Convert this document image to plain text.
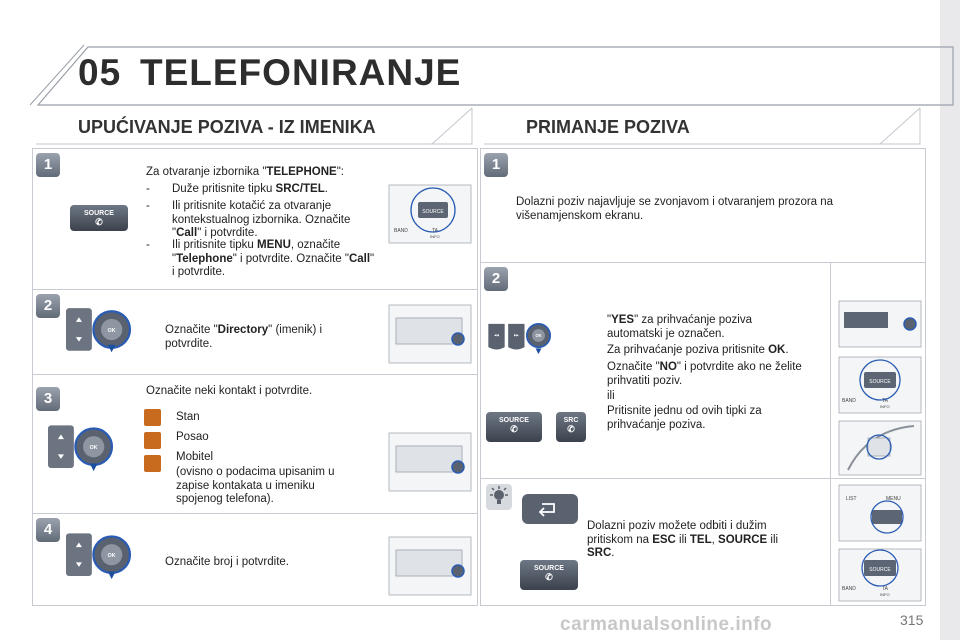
05 TELEFONIRANJE
UPUĆIVANJE POZIVA - IZ IMENIKA
1
SOURCE ✆
Za otvaranje izbornika "TELEPHONE":
- Duže pritisnite tipku SRC/TEL.
- Ili pritisnite kotačić za otvaranje kontekstualnog izbornika. Označite "Call" i potvrdite.
- Ili pritisnite tipku MENU, označite "Telephone" i potvrdite. Označite "Call" i potvrdite.
SOURCE
BAND	TA
INFO
2
OK	Označite "Directory" (imenik) i potvrdite.
3	Označite neki kontakt i potvrdite.
OK
Stan
Posao
Mobitel
(ovisno o podacima upisanim u zapise kontakata u imeniku spojenog telefona).
4
OK	Označite broj i potvrdite.
PRIMANJE POZIVA
1
Dolazni poziv najavljuje se zvonjavom i otvaranjem prozora na višenamjenskom ekranu.
2
◂◂ ▸▸ OK
SOURCE ✆	SRC ✆
"YES" za prihvaćanje poziva automatski je označen.
Za prihvaćanje poziva pritisnite OK.
Označite "NO" i potvrdite ako ne želite prihvatiti poziv.
ili
Pritisnite jednu od ovih tipki za prihvaćanje poziva.
SOURCE
BAND	TA
INFO
SOURCE ✆
Dolazni poziv možete odbiti i dužim pritiskom na ESC ili TEL, SOURCE ili SRC.
LIST	MENU
SOURCE
BAND	TA
INFO
carmanualsonline.info	315
